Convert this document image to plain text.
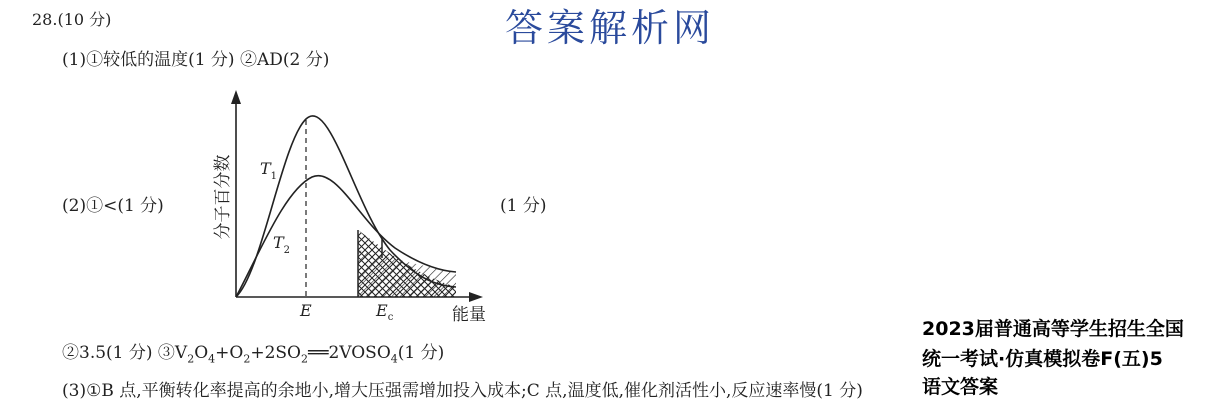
答案解析网
28.(10 分)
(1)①较低的温度(1 分) ②AD(2 分)
(2)①<(1 分)	(1 分)
②3.5(1 分) $③V_2O_4+O_2+2SO_2══2VOSO_4(1$ 分)
(3)①B 点,平衡转化率提高的余地小,增大压强需增加投入成本;C 点,温度低,催化剂活性小,反应速率慢(1 分)
分子百分数
能量
$T_1$
$T_2$
E	$E_c$
2023届普通高等学生招生全国
统一考试·仿真模拟卷F(五)5
语文答案
